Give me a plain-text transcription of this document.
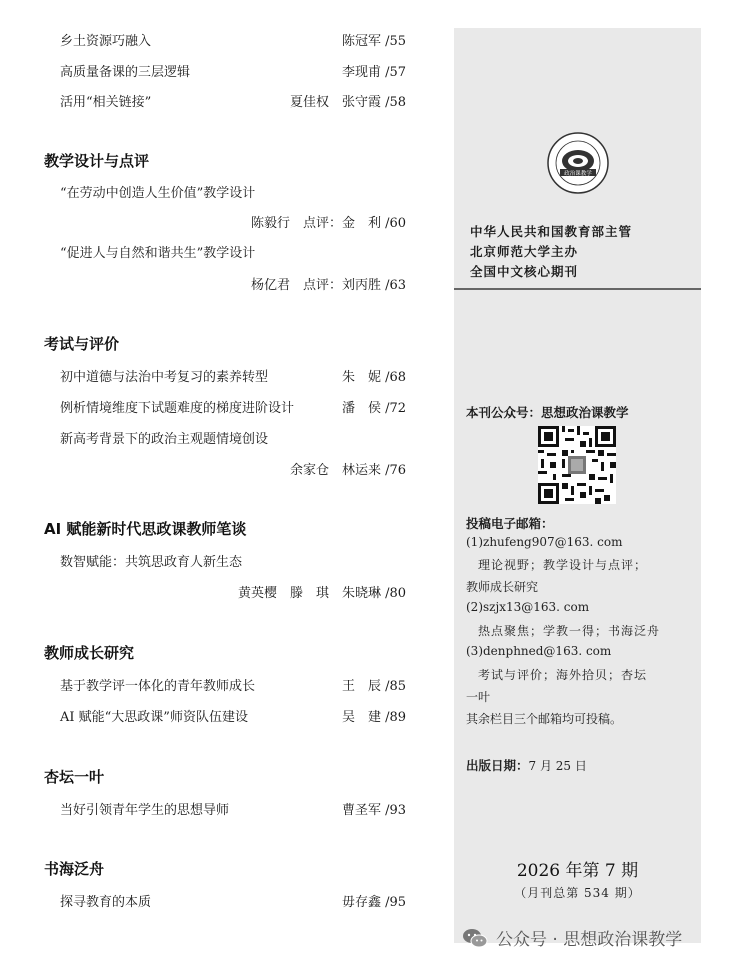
乡土资源巧融入	陈冠军 /55
高质量备课的三层逻辑	李现甫 /57
活用“相关链接”	夏佳权　张守霞 /58
教学设计与点评
“在劳动中创造人生价值”教学设计
陈毅行　点评：金　利 /60
“促进人与自然和谐共生”教学设计
杨亿君　点评：刘丙胜 /63
考试与评价
初中道德与法治中考复习的素养转型	朱　妮 /68
例析情境维度下试题难度的梯度进阶设计	潘　侯 /72
新高考背景下的政治主观题情境创设
余家仓　林运来 /76
AI 赋能新时代思政课教师笔谈
数智赋能：共筑思政育人新生态
黄英樱　滕　琪　朱晓琳 /80
教师成长研究
基于教学评一体化的青年教师成长	王　辰 /85
AI 赋能“大思政课”师资队伍建设	吴　建 /89
杏坛一叶
当好引领青年学生的思想导师	曹圣军 /93
书海泛舟
探寻教育的本质	毋存鑫 /95
政治课教学
中华人民共和国教育部主管
北京师范大学主办
全国中文核心期刊
本刊公众号：思想政治课教学
投稿电子邮箱：
(1)zhufeng907@163. com
理论视野；教学设计与点评；
教师成长研究
(2)szjx13@163. com
热点聚焦；学教一得；书海泛舟
(3)denphned@163. com
考试与评价；海外拾贝；杏坛
一叶
其余栏目三个邮箱均可投稿。
出版日期：7 月 25 日
2026 年第 7 期
（月刊总第 534 期）
公众号 · 思想政治课教学
